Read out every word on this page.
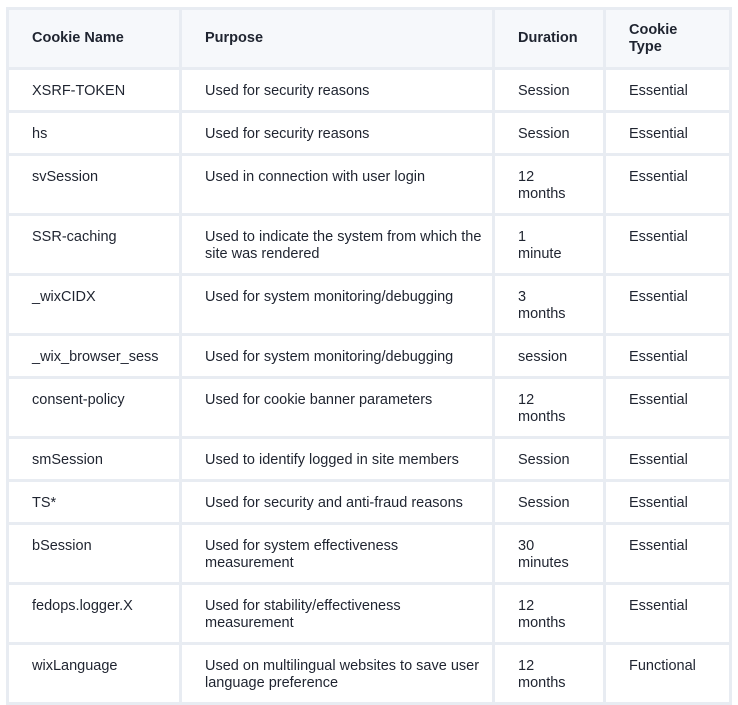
Cookie Name	Purpose	Duration	Cookie Type
XSRF-TOKEN	Used for security reasons	Session	Essential
hs	Used for security reasons	Session	Essential
svSession	Used in connection with user login	12 months	Essential
SSR-caching	Used to indicate the system from which the site was rendered	1 minute	Essential
_wixCIDX	Used for system monitoring/debugging	3 months	Essential
_wix_browser_sess	Used for system monitoring/debugging	session	Essential
consent-policy	Used for cookie banner parameters	12 months	Essential
smSession	Used to identify logged in site members	Session	Essential
TS*	Used for security and anti-fraud reasons	Session	Essential
bSession	Used for system effectiveness measurement	30 minutes	Essential
fedops.logger.X	Used for stability/effectiveness measurement	12 months	Essential
wixLanguage	Used on multilingual websites to save user language preference	12 months	Functional
